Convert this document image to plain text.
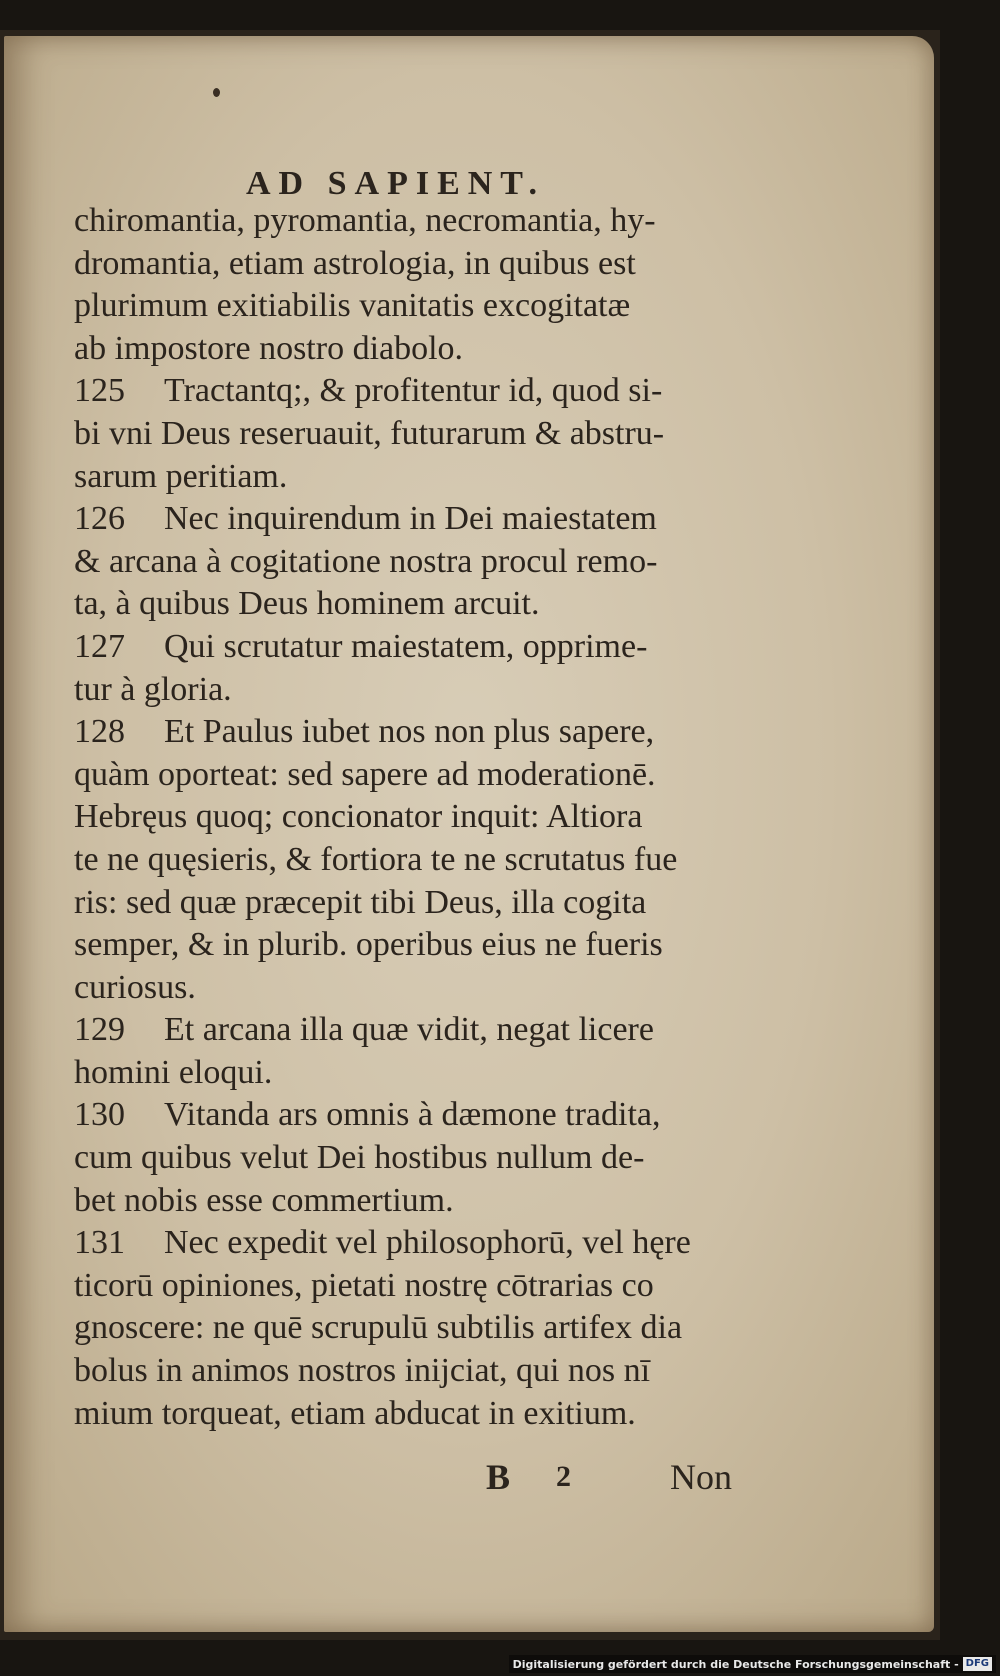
AD SAPIENT.
chiromantia, pyromantia, necromantia, hy-
dromantia, etiam astrologia, in quibus est
plurimum exitiabilis vanitatis excogitatæ
ab impostore nostro diabolo.
125 Tractantq;, & profitentur id, quod si-
bi vni Deus reseruauit, futurarum & abstru-
sarum peritiam.
126 Nec inquirendum in Dei maiestatem
& arcana à cogitatione nostra procul remo-
ta, à quibus Deus hominem arcuit.
127 Qui scrutatur maiestatem, opprime-
tur à gloria.
128 Et Paulus iubet nos non plus sapere,
quàm oporteat: sed sapere ad moderationē.
Hebręus quoq; concionator inquit: Altiora
te ne quęsieris, & fortiora te ne scrutatus fue
ris: sed quæ præcepit tibi Deus, illa cogita
semper, & in plurib. operibus eius ne fueris
curiosus.
129 Et arcana illa quæ vidit, negat licere
homini eloqui.
130 Vitanda ars omnis à dæmone tradita,
cum quibus velut Dei hostibus nullum de-
bet nobis esse commertium.
131 Nec expedit vel philosophorū, vel hęre
ticorū opiniones, pietati nostrę cōtrarias co
gnoscere: ne quē scrupulū subtilis artifex dia
bolus in animos nostros inijciat, qui nos nī
mium torqueat, etiam abducat in exitium.
B 2	Non
Digitalisierung gefördert durch die Deutsche Forschungsgemeinschaft - DFG
